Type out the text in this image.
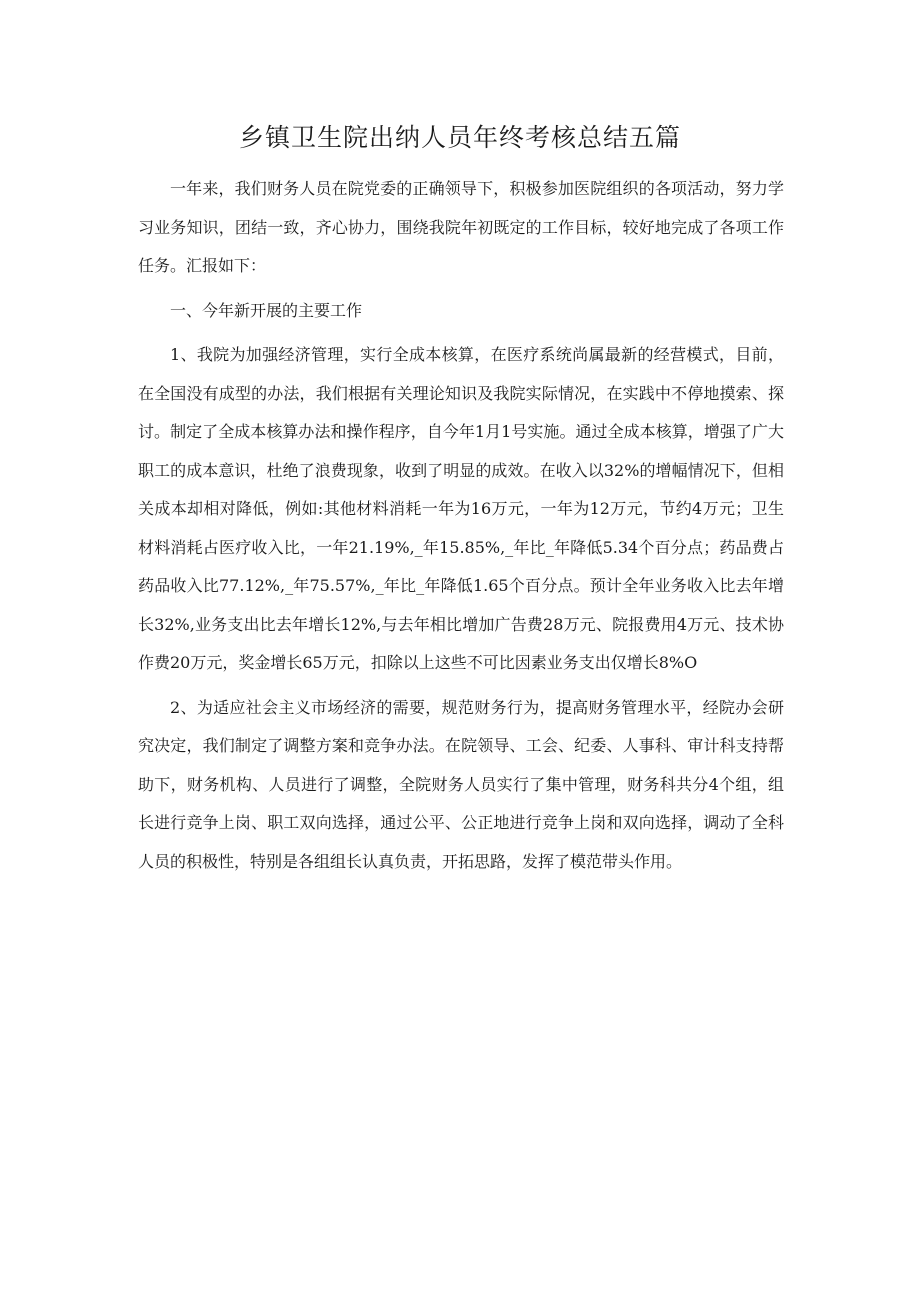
乡镇卫生院出纳人员年终考核总结五篇

一年来，我们财务人员在院党委的正确领导下，积极参加医院组织的各项活动，努力学习业务知识，团结一致，齐心协力，围绕我院年初既定的工作目标，较好地完成了各项工作任务。汇报如下：

一、今年新开展的主要工作

1、我院为加强经济管理，实行全成本核算，在医疗系统尚属最新的经营模式，目前，在全国没有成型的办法，我们根据有关理论知识及我院实际情况，在实践中不停地摸索、探讨。制定了全成本核算办法和操作程序，自今年1月1号实施。通过全成本核算，增强了广大职工的成本意识，杜绝了浪费现象，收到了明显的成效。在收入以32%的增幅情况下，但相关成本却相对降低，例如:其他材料消耗一年为16万元，一年为12万元，节约4万元；卫生材料消耗占医疗收入比，一年21.19%,_年15.85%,_年比_年降低5.34个百分点；药品费占药品收入比77.12%,_年75.57%,_年比_年降低1.65个百分点。预计全年业务收入比去年增长32%,业务支出比去年增长12%,与去年相比增加广告费28万元、院报费用4万元、技术协作费20万元，奖金增长65万元，扣除以上这些不可比因素业务支出仅增长8%O

2、为适应社会主义市场经济的需要，规范财务行为，提高财务管理水平，经院办会研究决定，我们制定了调整方案和竞争办法。在院领导、工会、纪委、人事科、审计科支持帮助下，财务机构、人员进行了调整，全院财务人员实行了集中管理，财务科共分4个组，组长进行竞争上岗、职工双向选择，通过公平、公正地进行竞争上岗和双向选择，调动了全科人员的积极性，特别是各组组长认真负责，开拓思路，发挥了模范带头作用。
